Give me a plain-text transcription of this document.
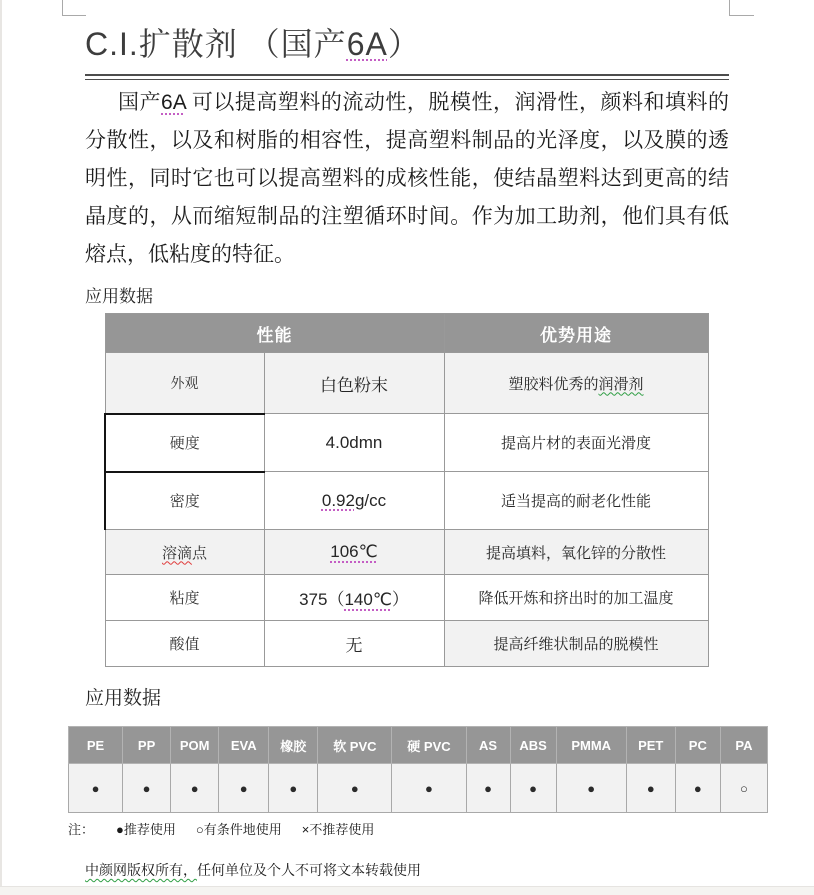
C.I.扩散剂 （国产6A）

国产6A 可以提高塑料的流动性，脱模性，润滑性，颜料和填料的分散性，以及和树脂的相容性，提高塑料制品的光泽度，以及膜的透明性，同时它也可以提高塑料的成核性能，使结晶塑料达到更高的结晶度的，从而缩短制品的注塑循环时间。作为加工助剂，他们具有低熔点，低粘度的特征。

应用数据
性能		优势用途
外观	白色粉末	塑胶料优秀的润滑剂
硬度	4.0dmn	提高片材的表面光滑度
密度	0.92g/cc	适当提高的耐老化性能
溶滴点	106℃	提高填料，氧化锌的分散性
粘度	375（140℃）	降低开炼和挤出时的加工温度
酸值	无	提高纤维状制品的脱模性
应用数据
PE	PP	POM	EVA	橡胶	软 PVC	硬 PVC	AS	ABS	PMMA	PET	PC	PA
●	●	●	●	●	●	●	●	●	●	●	●	○
注： ●推荐使用 ○有条件地使用 ×不推荐使用
中颜网版权所有，任何单位及个人不可将文本转载使用
